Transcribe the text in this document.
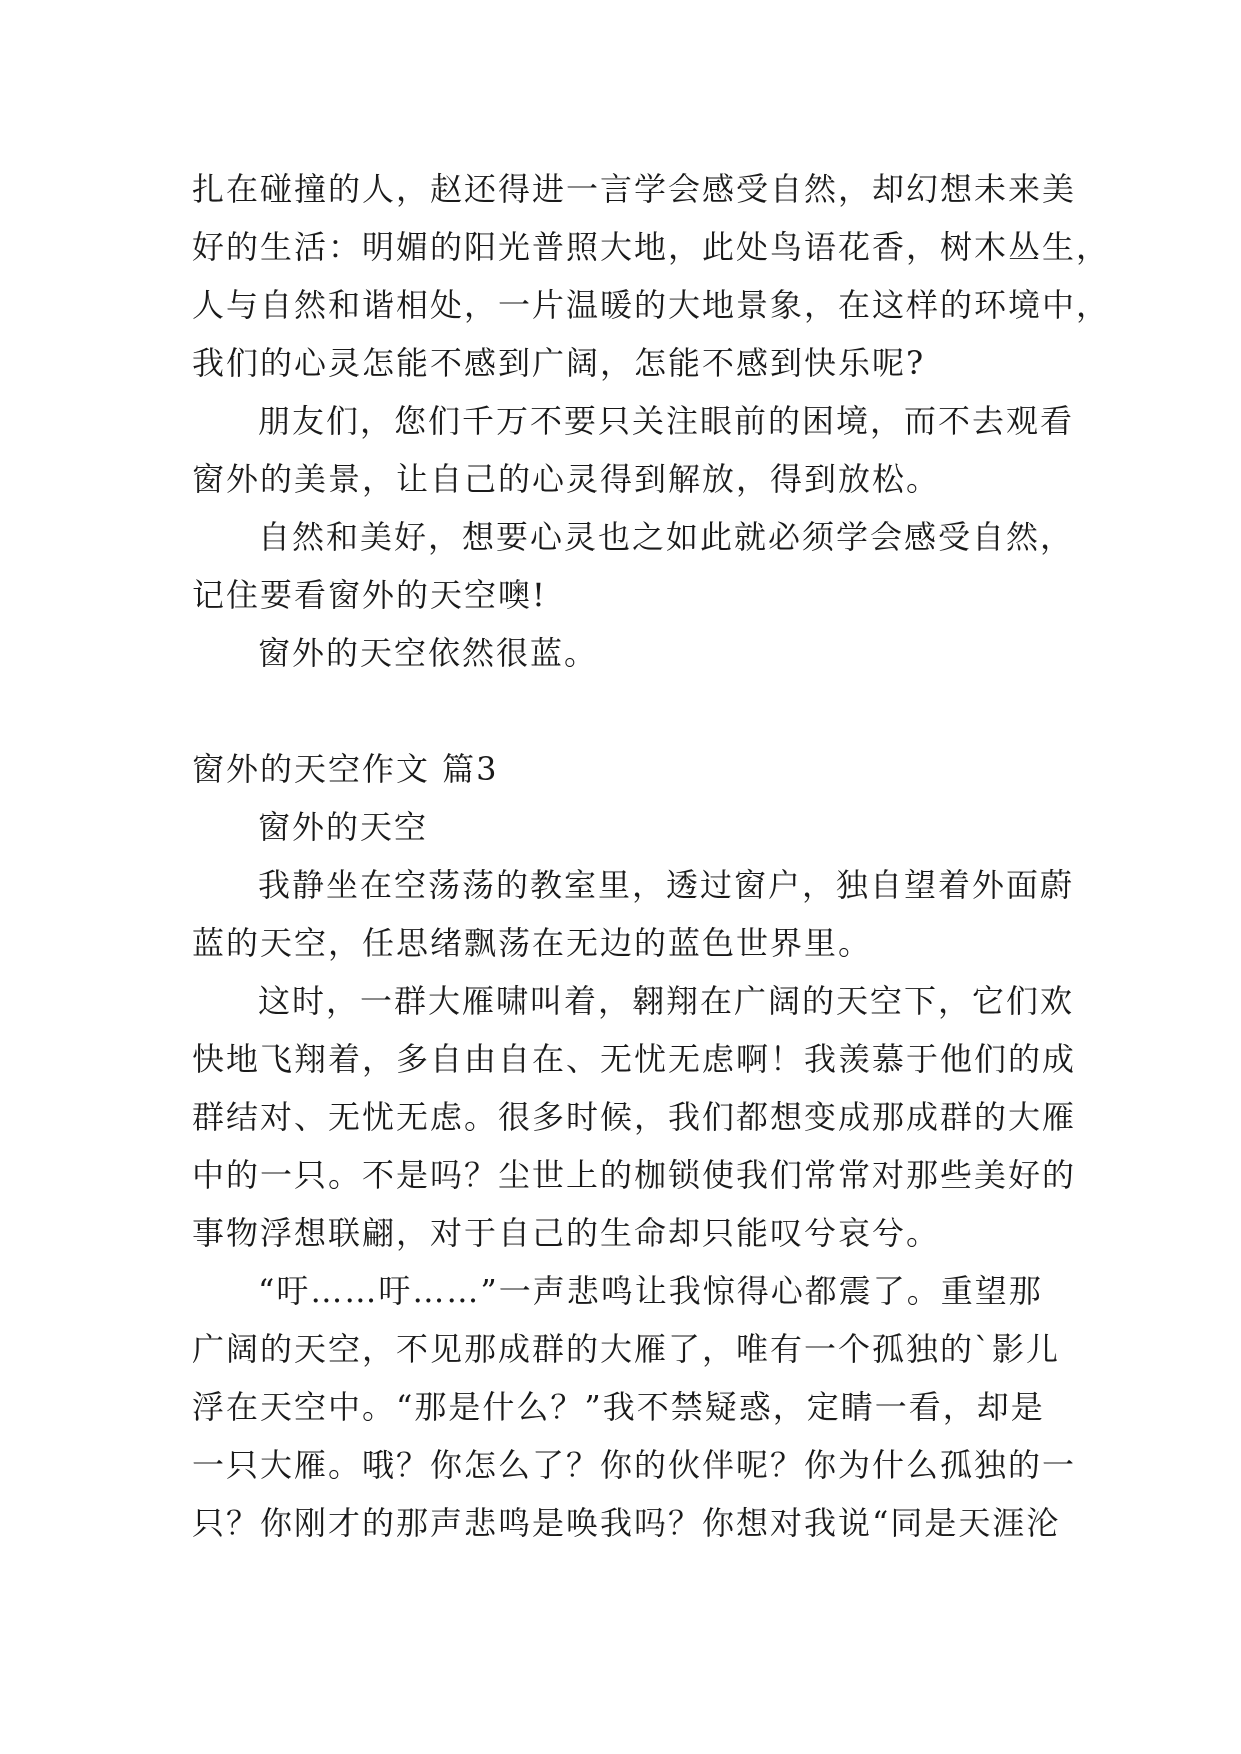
扎在碰撞的人，赵还得进一言学会感受自然，却幻想未来美
好的生活：明媚的阳光普照大地，此处鸟语花香，树木丛生，
人与自然和谐相处，一片温暖的大地景象，在这样的环境中，
我们的心灵怎能不感到广阔，怎能不感到快乐呢?
朋友们，您们千万不要只关注眼前的困境，而不去观看
窗外的美景，让自己的心灵得到解放，得到放松。
自然和美好，想要心灵也之如此就必须学会感受自然，
记住要看窗外的天空噢!
窗外的天空依然很蓝。
窗外的天空作文 篇3
窗外的天空
我静坐在空荡荡的教室里，透过窗户，独自望着外面蔚
蓝的天空，任思绪飘荡在无边的蓝色世界里。
这时，一群大雁啸叫着，翱翔在广阔的天空下，它们欢
快地飞翔着，多自由自在、无忧无虑啊！我羡慕于他们的成
群结对、无忧无虑。很多时候，我们都想变成那成群的大雁
中的一只。不是吗？尘世上的枷锁使我们常常对那些美好的
事物浮想联翩，对于自己的生命却只能叹兮哀兮。
“吁……吁……”一声悲鸣让我惊得心都震了。重望那
广阔的天空，不见那成群的大雁了，唯有一个孤独的`影儿
浮在天空中。“那是什么？”我不禁疑惑，定睛一看，却是
一只大雁。哦？你怎么了？你的伙伴呢？你为什么孤独的一
只？你刚才的那声悲鸣是唤我吗？你想对我说“同是天涯沦
